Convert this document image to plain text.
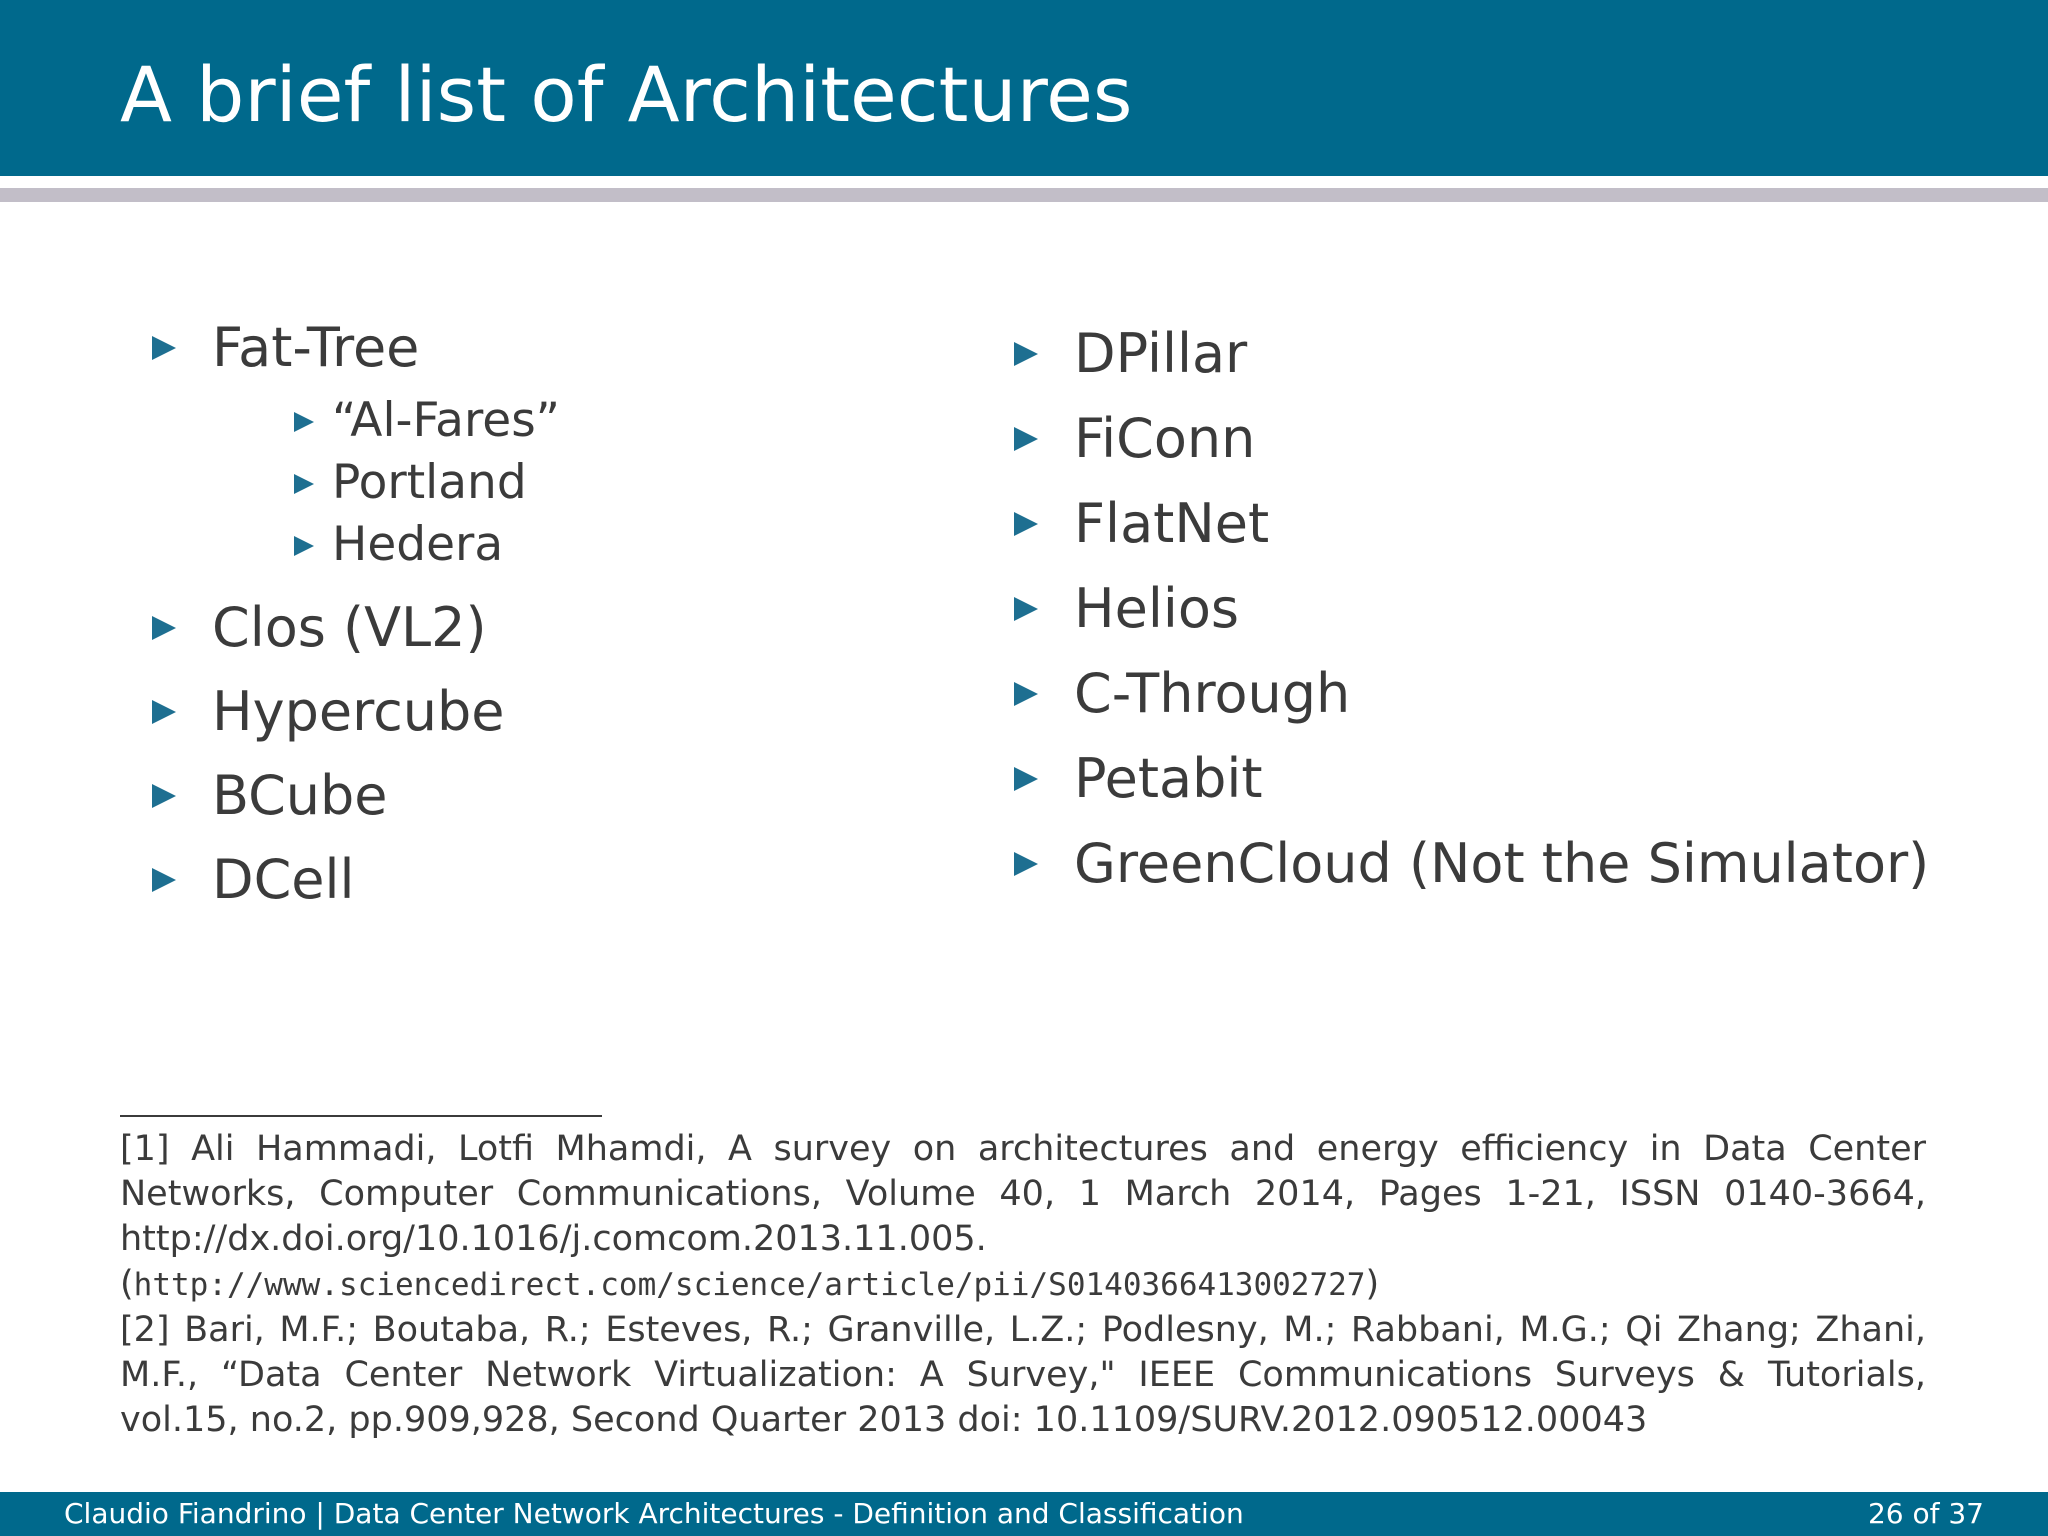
A brief list of Architectures
Fat-Tree
“Al-Fares”
Portland
Hedera
Clos (VL2)
Hypercube
BCube
DCell
DPillar
FiConn
FlatNet
Helios
C-Through
Petabit
GreenCloud (Not the Simulator)

[1] Ali Hammadi, Lotfi Mhamdi, A survey on architectures and energy efficiency in Data Center Networks, Computer Communications, Volume 40, 1 March 2014, Pages 1-21, ISSN 0140-3664, http://dx.doi.org/10.1016/j.comcom.2013.11.005.
(http://www.sciencedirect.com/science/article/pii/S0140366413002727)

[2] Bari, M.F.; Boutaba, R.; Esteves, R.; Granville, L.Z.; Podlesny, M.; Rabbani, M.G.; Qi Zhang; Zhani, M.F., “Data Center Network Virtualization: A Survey," IEEE Communications Surveys & Tutorials, vol.15, no.2, pp.909,928, Second Quarter 2013 doi: 10.1109/SURV.2012.090512.00043

Claudio Fiandrino | Data Center Network Architectures - Definition and Classification	26 of 37
